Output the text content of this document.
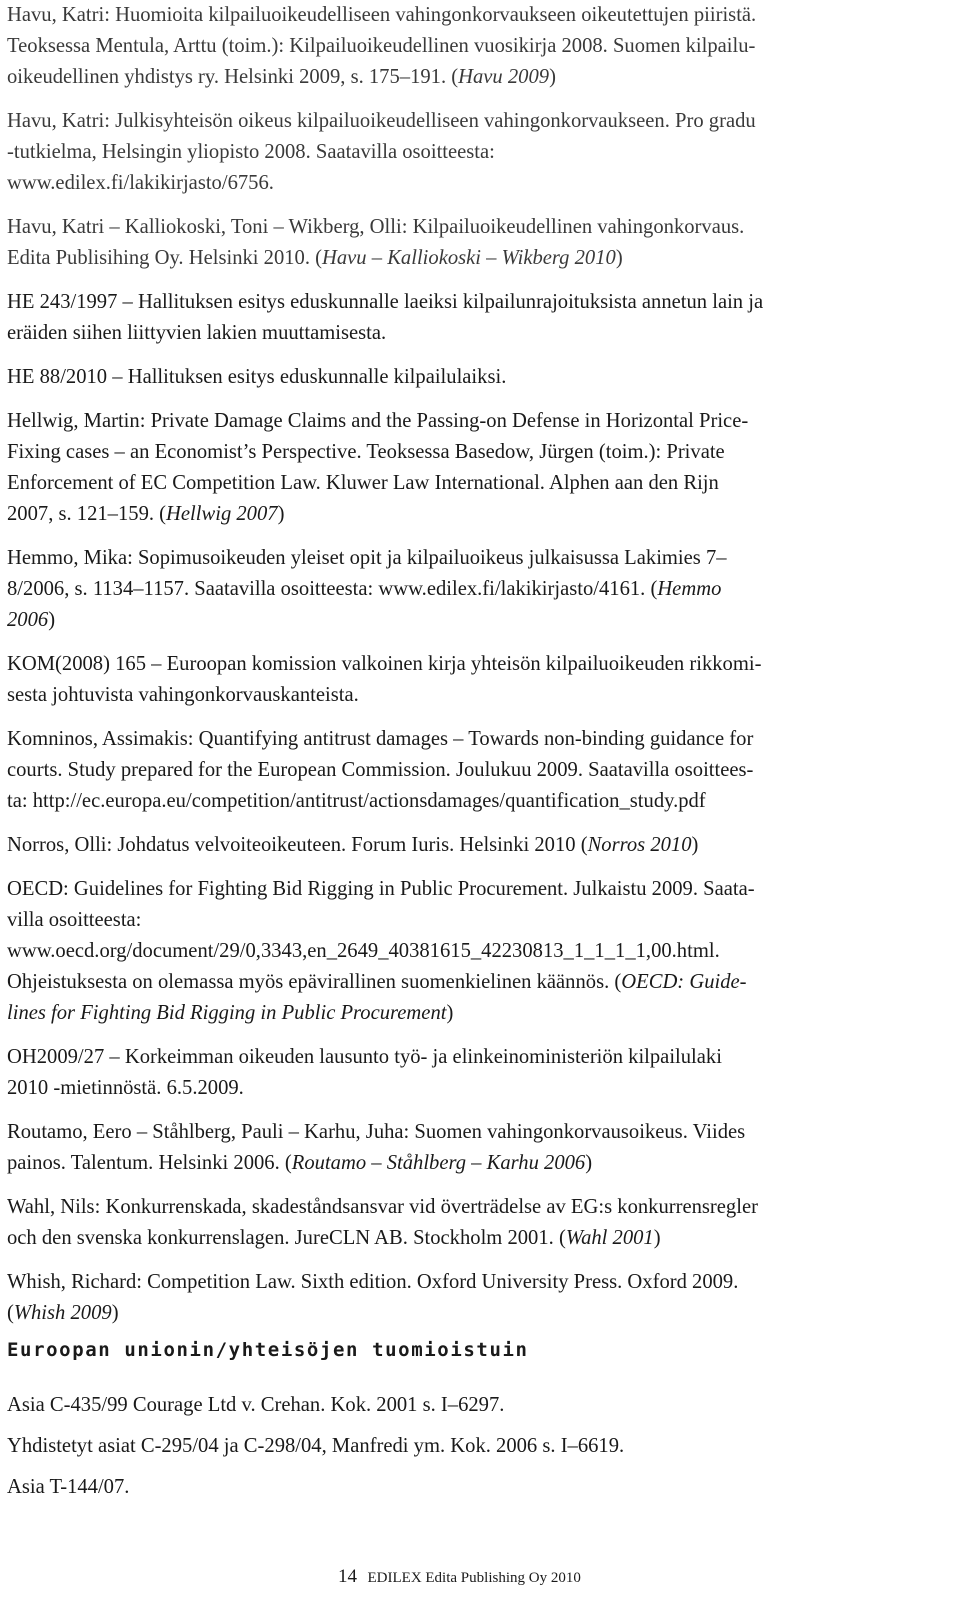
Havu, Katri: Huomioita kilpailuoikeudelliseen vahingonkorvaukseen oikeutettujen piiristä.
Teoksessa Mentula, Arttu (toim.): Kilpailuoikeudellinen vuosikirja 2008. Suomen kilpailu-
oikeudellinen yhdistys ry. Helsinki 2009, s. 175–191. (Havu 2009)

Havu, Katri: Julkisyhteisön oikeus kilpailuoikeudelliseen vahingonkorvaukseen. Pro gradu
-tutkielma, Helsingin yliopisto 2008. Saatavilla osoitteesta:
www.edilex.fi/lakikirjasto/6756.

Havu, Katri – Kalliokoski, Toni – Wikberg, Olli: Kilpailuoikeudellinen vahingonkorvaus.
Edita Publisihing Oy. Helsinki 2010. (Havu – Kalliokoski – Wikberg 2010)

HE 243/1997 – Hallituksen esitys eduskunnalle laeiksi kilpailunrajoituksista annetun lain ja
eräiden siihen liittyvien lakien muuttamisesta.

HE 88/2010 – Hallituksen esitys eduskunnalle kilpailulaiksi.

Hellwig, Martin: Private Damage Claims and the Passing-on Defense in Horizontal Price-
Fixing cases – an Economist’s Perspective. Teoksessa Basedow, Jürgen (toim.): Private
Enforcement of EC Competition Law. Kluwer Law International. Alphen aan den Rijn
2007, s. 121–159. (Hellwig 2007)

Hemmo, Mika: Sopimusoikeuden yleiset opit ja kilpailuoikeus julkaisussa Lakimies 7–
8/2006, s. 1134–1157. Saatavilla osoitteesta: www.edilex.fi/lakikirjasto/4161. (Hemmo
2006)

KOM(2008) 165 – Euroopan komission valkoinen kirja yhteisön kilpailuoikeuden rikkomi-
sesta johtuvista vahingonkorvauskanteista.

Komninos, Assimakis: Quantifying antitrust damages – Towards non-binding guidance for
courts. Study prepared for the European Commission. Joulukuu 2009. Saatavilla osoittees-
ta: http://ec.europa.eu/competition/antitrust/actionsdamages/quantification_study.pdf

Norros, Olli: Johdatus velvoiteoikeuteen. Forum Iuris. Helsinki 2010 (Norros 2010)

OECD: Guidelines for Fighting Bid Rigging in Public Procurement. Julkaistu 2009. Saata-
villa osoitteesta:
www.oecd.org/document/29/0,3343,en_2649_40381615_42230813_1_1_1_1,00.html.
Ohjeistuksesta on olemassa myös epävirallinen suomenkielinen käännös. (OECD: Guide-
lines for Fighting Bid Rigging in Public Procurement)

OH2009/27 – Korkeimman oikeuden lausunto työ- ja elinkeinoministeriön kilpailulaki
2010 -mietinnöstä. 6.5.2009.

Routamo, Eero – Ståhlberg, Pauli – Karhu, Juha: Suomen vahingonkorvausoikeus. Viides
painos. Talentum. Helsinki 2006. (Routamo – Ståhlberg – Karhu 2006)

Wahl, Nils: Konkurrenskada, skadeståndsansvar vid överträdelse av EG:s konkurrensregler
och den svenska konkurrenslagen. JureCLN AB. Stockholm 2001. (Wahl 2001)

Whish, Richard: Competition Law. Sixth edition. Oxford University Press. Oxford 2009.
(Whish 2009)

Euroopan unionin/yhteisöjen tuomioistuin

Asia C-435/99 Courage Ltd v. Crehan. Kok. 2001 s. I–6297.

Yhdistetyt asiat C-295/04 ja C-298/04, Manfredi ym. Kok. 2006 s. I–6619.

Asia T-144/07.

14 EDILEX Edita Publishing Oy 2010
